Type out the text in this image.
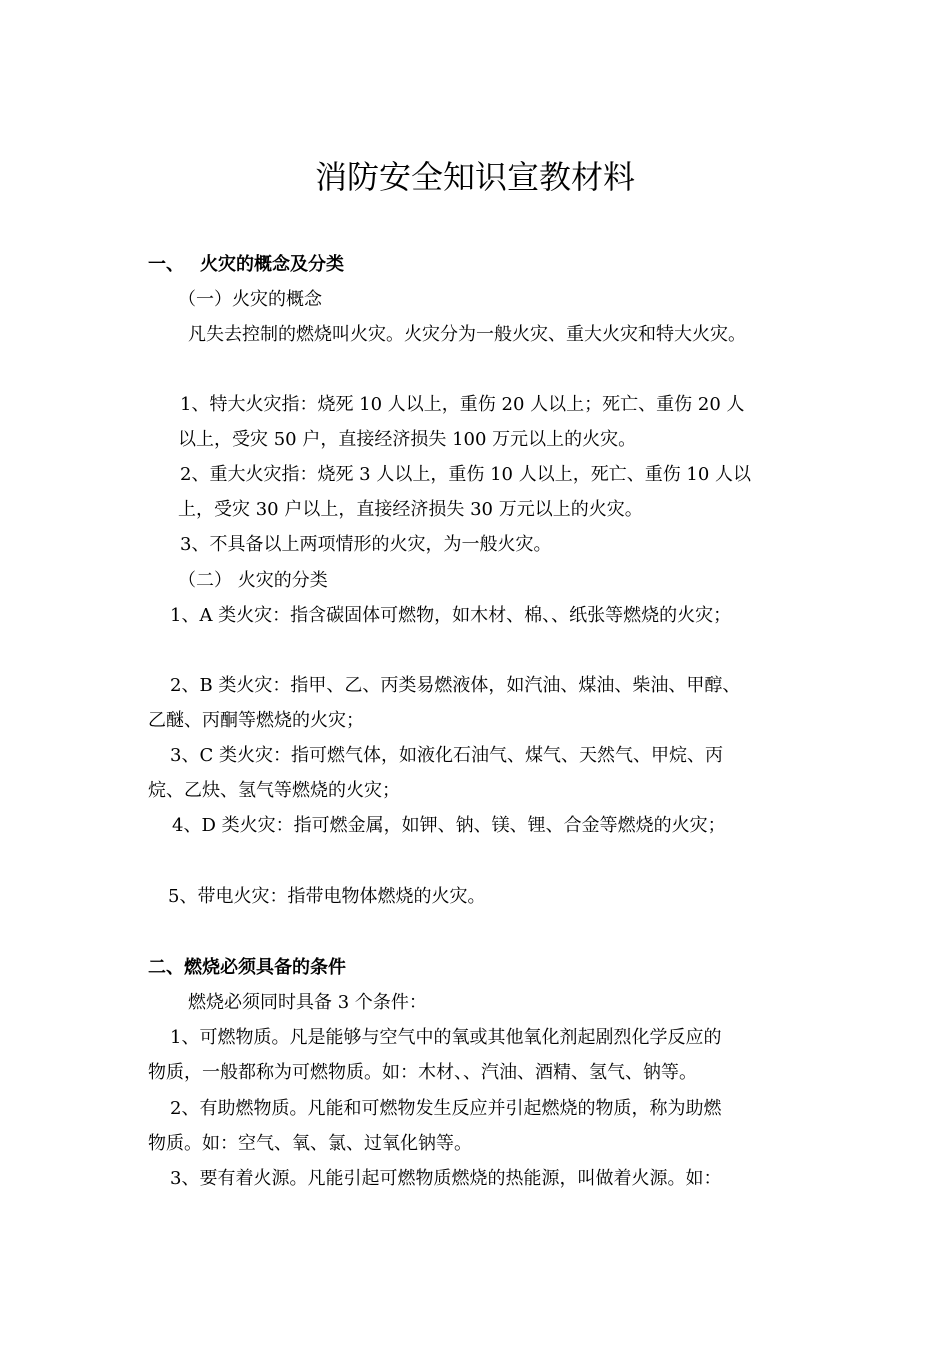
消防安全知识宣教材料
一、 火灾的概念及分类
（一）火灾的概念
凡失去控制的燃烧叫火灾。火灾分为一般火灾、重大火灾和特大火灾。
1、特大火灾指：烧死 10 人以上，重伤 20 人以上；死亡、重伤 20 人
以上，受灾 50 户，直接经济损失 100 万元以上的火灾。
2、重大火灾指：烧死 3 人以上，重伤 10 人以上，死亡、重伤 10 人以
上，受灾 30 户以上，直接经济损失 30 万元以上的火灾。
3、不具备以上两项情形的火灾，为一般火灾。
（二） 火灾的分类
1、A 类火灾：指含碳固体可燃物，如木材、棉、、纸张等燃烧的火灾；
2、B 类火灾：指甲、乙、丙类易燃液体，如汽油、煤油、柴油、甲醇、
乙醚、丙酮等燃烧的火灾；
3、C 类火灾：指可燃气体，如液化石油气、煤气、天然气、甲烷、丙
烷、乙炔、氢气等燃烧的火灾；
4、D 类火灾：指可燃金属，如钾、钠、镁、锂、合金等燃烧的火灾；
5、带电火灾：指带电物体燃烧的火灾。
二、燃烧必须具备的条件
燃烧必须同时具备 3 个条件：
1、可燃物质。凡是能够与空气中的氧或其他氧化剂起剧烈化学反应的
物质，一般都称为可燃物质。如：木材、、汽油、酒精、氢气、钠等。
2、有助燃物质。凡能和可燃物发生反应并引起燃烧的物质，称为助燃
物质。如：空气、氧、氯、过氧化钠等。
3、要有着火源。凡能引起可燃物质燃烧的热能源，叫做着火源。如：
